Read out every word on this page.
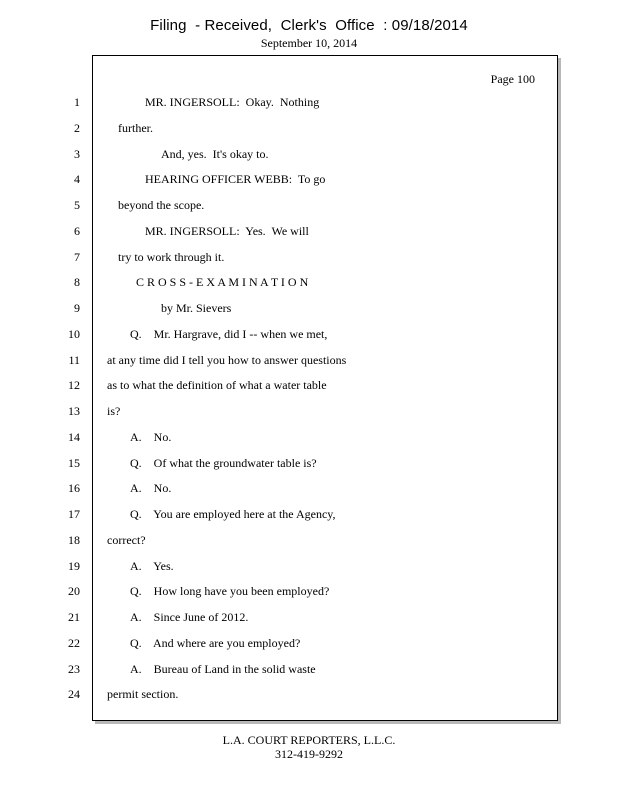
Filing  - Received,  Clerk's  Office  : 09/18/2014
September 10, 2014
Page 100
1	MR. INGERSOLL:  Okay.  Nothing
2	further.
3	And, yes.  It's okay to.
4	HEARING OFFICER WEBB:  To go
5	beyond the scope.
6	MR. INGERSOLL:  Yes.  We will
7	try to work through it.
8	C R O S S - E X A M I N A T I O N
9	by Mr. Sievers
10	Q.    Mr. Hargrave, did I -- when we met,
11 at any time did I tell you how to answer questions
12 as to what the definition of what a water table
13 is?
14	A.    No.
15	Q.    Of what the groundwater table is?
16	A.    No.
17	Q.    You are employed here at the Agency,
18 correct?
19	A.    Yes.
20	Q.    How long have you been employed?
21	A.    Since June of 2012.
22	Q.    And where are you employed?
23	A.    Bureau of Land in the solid waste
24 permit section.
L.A. COURT REPORTERS, L.L.C.
312-419-9292
